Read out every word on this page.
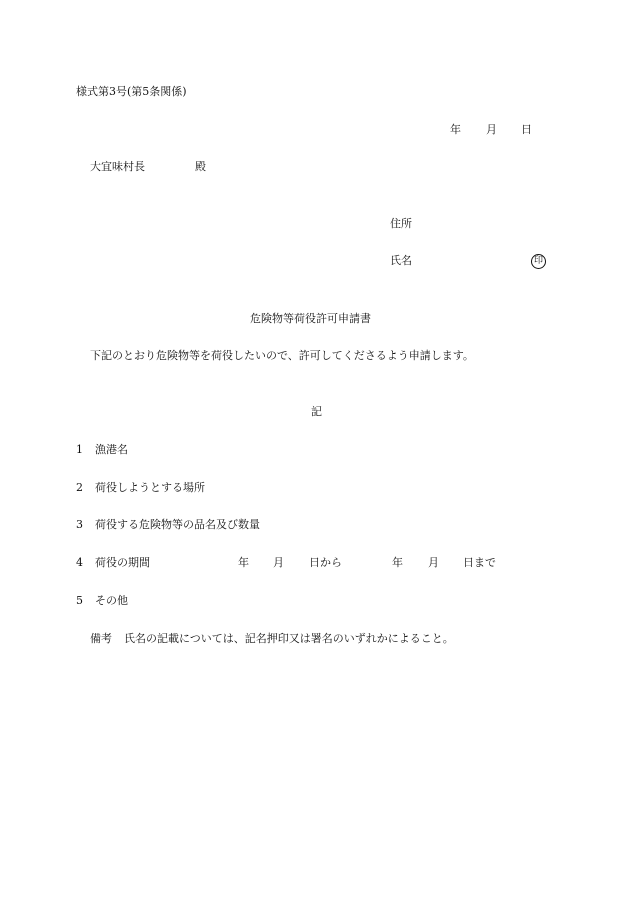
様式第3号(第5条関係)
年 月 日
大宜味村長	殿
住所
氏名	印
危険物等荷役許可申請書
下記のとおり危険物等を荷役したいので、許可してくださるよう申請します。
記
1 漁港名
2 荷役しようとする場所
3 荷役する危険物等の品名及び数量
4 荷役の期間	年 月 日から	年 月 日まで
5 その他
備考 氏名の記載については、記名押印又は署名のいずれかによること。
